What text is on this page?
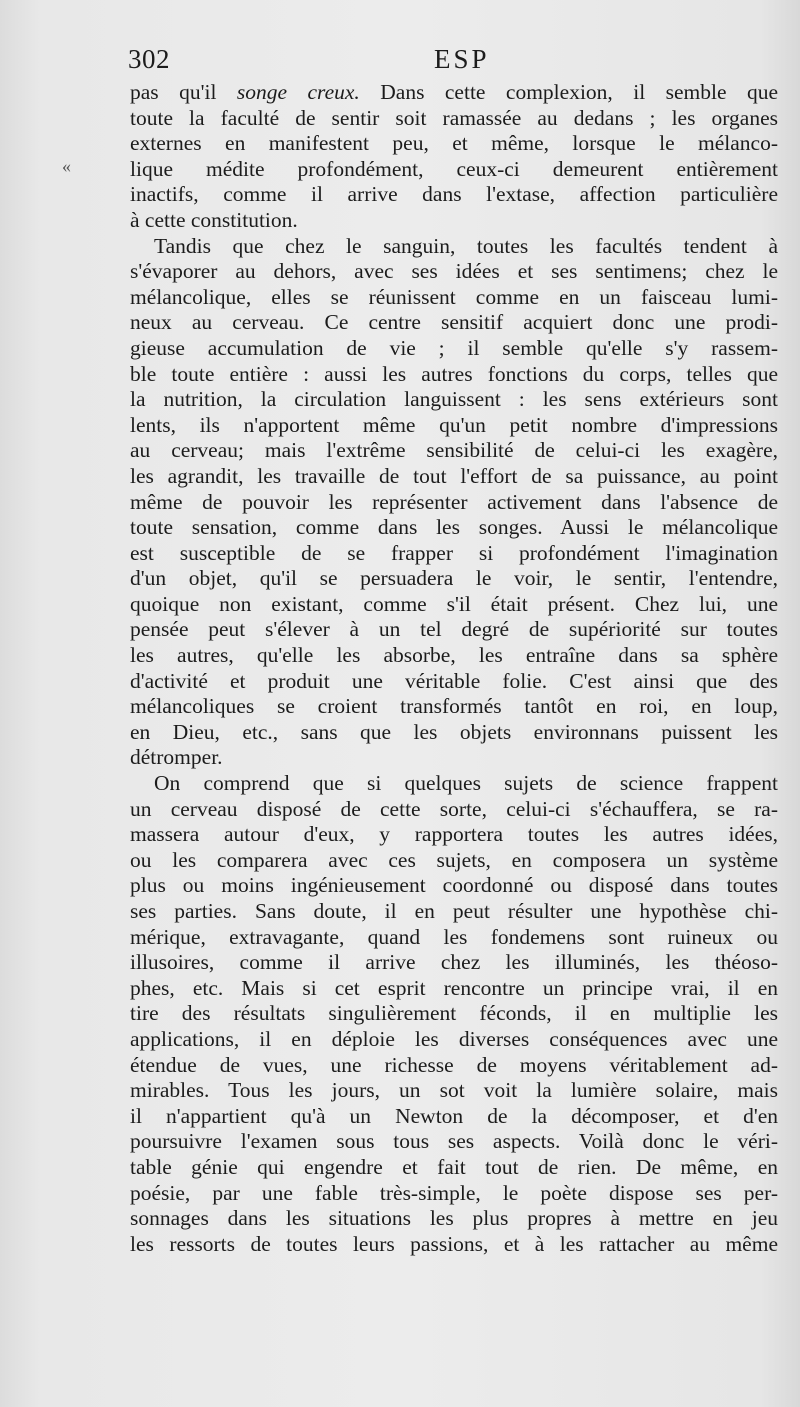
302	ESP
«
pas qu'il songe creux. Dans cette complexion, il semble que
toute la faculté de sentir soit ramassée au dedans ; les organes
externes en manifestent peu, et même, lorsque le mélanco-
lique médite profondément, ceux-ci demeurent entièrement
inactifs, comme il arrive dans l'extase, affection particulière
à cette constitution.
Tandis que chez le sanguin, toutes les facultés tendent à
s'évaporer au dehors, avec ses idées et ses sentimens; chez le
mélancolique, elles se réunissent comme en un faisceau lumi-
neux au cerveau. Ce centre sensitif acquiert donc une prodi-
gieuse accumulation de vie ; il semble qu'elle s'y rassem-
ble toute entière : aussi les autres fonctions du corps, telles que
la nutrition, la circulation languissent : les sens extérieurs sont
lents, ils n'apportent même qu'un petit nombre d'impressions
au cerveau; mais l'extrême sensibilité de celui-ci les exagère,
les agrandit, les travaille de tout l'effort de sa puissance, au point
même de pouvoir les représenter activement dans l'absence de
toute sensation, comme dans les songes. Aussi le mélancolique
est susceptible de se frapper si profondément l'imagination
d'un objet, qu'il se persuadera le voir, le sentir, l'entendre,
quoique non existant, comme s'il était présent. Chez lui, une
pensée peut s'élever à un tel degré de supériorité sur toutes
les autres, qu'elle les absorbe, les entraîne dans sa sphère
d'activité et produit une véritable folie. C'est ainsi que des
mélancoliques se croient transformés tantôt en roi, en loup,
en Dieu, etc., sans que les objets environnans puissent les
détromper.
On comprend que si quelques sujets de science frappent
un cerveau disposé de cette sorte, celui-ci s'échauffera, se ra-
massera autour d'eux, y rapportera toutes les autres idées,
ou les comparera avec ces sujets, en composera un système
plus ou moins ingénieusement coordonné ou disposé dans toutes
ses parties. Sans doute, il en peut résulter une hypothèse chi-
mérique, extravagante, quand les fondemens sont ruineux ou
illusoires, comme il arrive chez les illuminés, les théoso-
phes, etc. Mais si cet esprit rencontre un principe vrai, il en
tire des résultats singulièrement féconds, il en multiplie les
applications, il en déploie les diverses conséquences avec une
étendue de vues, une richesse de moyens véritablement ad-
mirables. Tous les jours, un sot voit la lumière solaire, mais
il n'appartient qu'à un Newton de la décomposer, et d'en
poursuivre l'examen sous tous ses aspects. Voilà donc le véri-
table génie qui engendre et fait tout de rien. De même, en
poésie, par une fable très-simple, le poète dispose ses per-
sonnages dans les situations les plus propres à mettre en jeu
les ressorts de toutes leurs passions, et à les rattacher au même
